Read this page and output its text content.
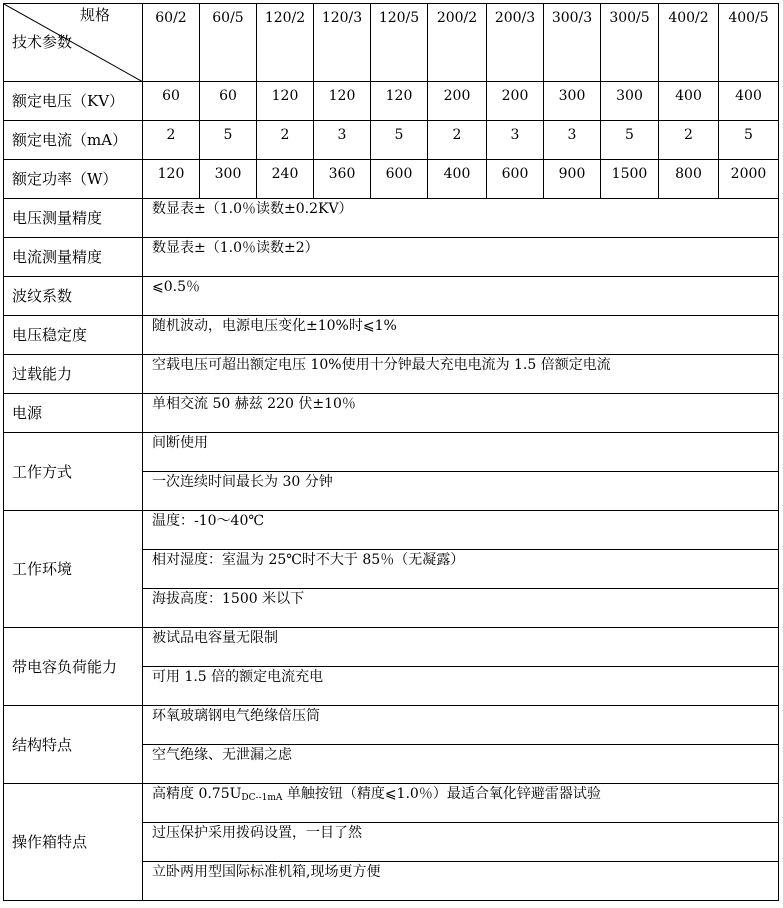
规格
技术参数	60/2	60/5	120/2	120/3	120/5	200/2	200/3	300/3	300/5	400/2	400/5
额定电压（KV）	60	60	120	120	120	200	200	300	300	400	400
额定电流（mA）	2	5	2	3	5	2	3	3	5	2	5
额定功率（W）	120	300	240	360	600	400	600	900	1500	800	2000
电压测量精度	数显表±（1.0％读数±0.2KV）										
电流测量精度	数显表±（1.0％读数±2）										
波纹系数	⩽0.5％										
电压稳定度	随机波动，电源电压变化±10%时⩽1%										
过载能力	空载电压可超出额定电压 10%使用十分钟最大充电电流为 1.5 倍额定电流										
电源	单相交流 50 赫兹 220 伏±10％										
工作方式	间断使用										
	一次连续时间最长为 30 分钟										
工作环境	温度：-10～40℃										
	相对湿度：室温为 25℃时不大于 85％（无凝露）										
	海拔高度：1500 米以下										
带电容负荷能力	被试品电容量无限制										
	可用 1.5 倍的额定电流充电										
结构特点	环氧玻璃钢电气绝缘倍压筒										
	空气绝缘、无泄漏之虑										
操作箱特点	高精度 $0.75U_{DC--1mA}$ 单触按钮（精度⩽1.0％）最适合氧化锌避雷器试验										
	过压保护采用拨码设置，一目了然										
	立卧两用型国际标准机箱,现场更方便										
